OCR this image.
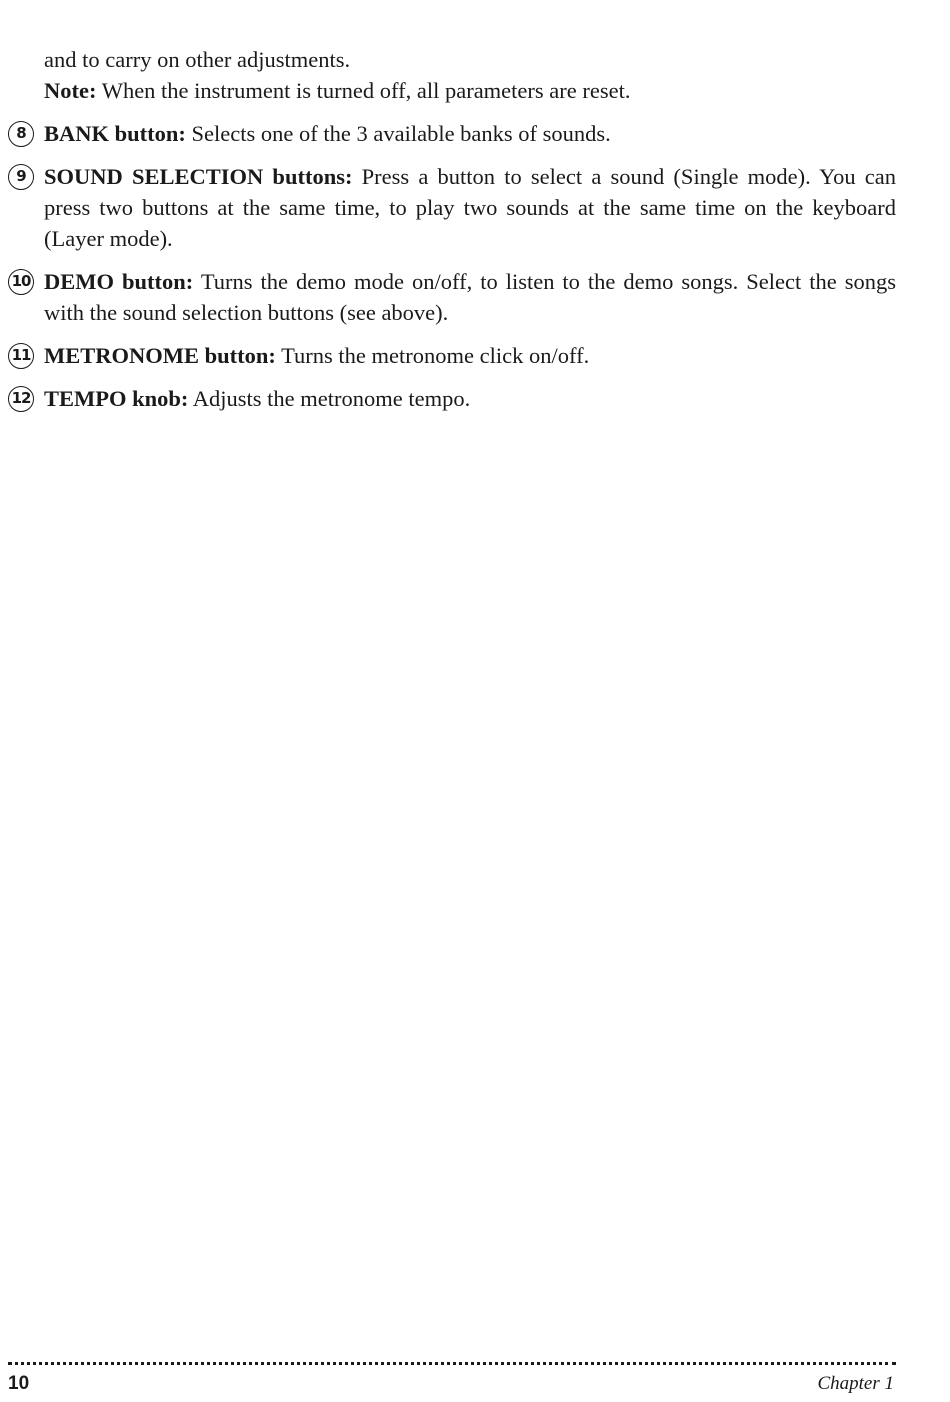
and to carry on other adjustments.
Note: When the instrument is turned off, all parameters are reset.
8 BANK button: Selects one of the 3 available banks of sounds.
9 SOUND SELECTION buttons: Press a button to select a sound (Single mode). You can press two buttons at the same time, to play two sounds at the same time on the keyboard (Layer mode).
10 DEMO button: Turns the demo mode on/off, to listen to the demo songs. Select the songs with the sound selection buttons (see above).
11 METRONOME button: Turns the metronome click on/off.
12 TEMPO knob: Adjusts the metronome tempo.
10	Chapter 1
